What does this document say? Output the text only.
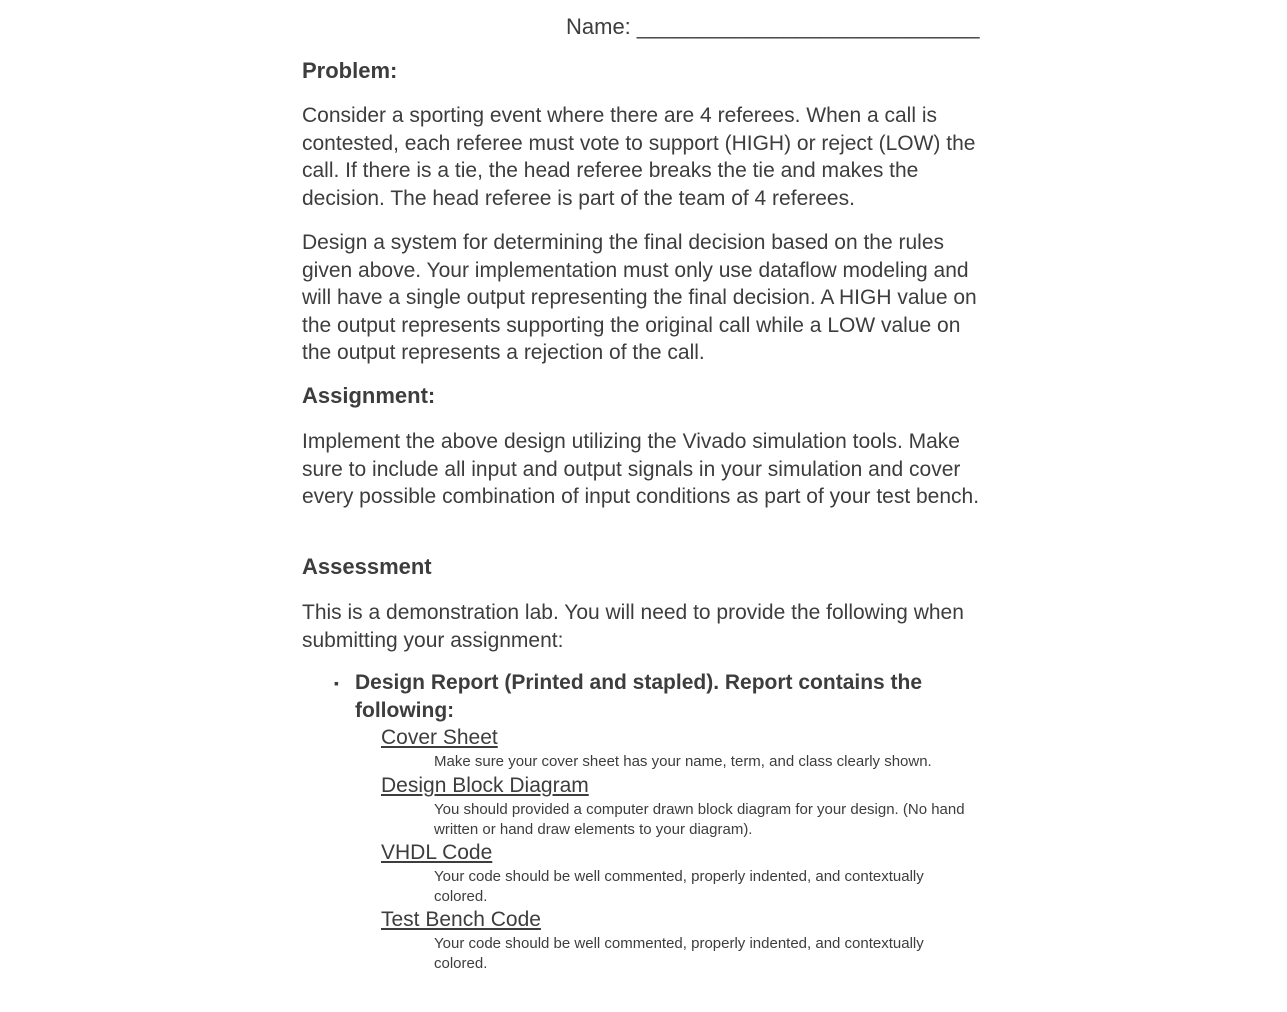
Name: ____________________________
Problem:

Consider a sporting event where there are 4 referees. When a call is contested, each referee must vote to support (HIGH) or reject (LOW) the call. If there is a tie, the head referee breaks the tie and makes the decision. The head referee is part of the team of 4 referees.

Design a system for determining the final decision based on the rules given above. Your implementation must only use dataflow modeling and will have a single output representing the final decision. A HIGH value on the output represents supporting the original call while a LOW value on the output represents a rejection of the call.

Assignment:

Implement the above design utilizing the Vivado simulation tools. Make sure to include all input and output signals in your simulation and cover every possible combination of input conditions as part of your test bench.

Assessment

This is a demonstration lab. You will need to provide the following when submitting your assignment:

▪ Design Report (Printed and stapled). Report contains the following:
Cover Sheet
Make sure your cover sheet has your name, term, and class clearly shown.
Design Block Diagram
You should provided a computer drawn block diagram for your design. (No hand written or hand draw elements to your diagram).
VHDL Code
Your code should be well commented, properly indented, and contextually colored.
Test Bench Code
Your code should be well commented, properly indented, and contextually colored.
